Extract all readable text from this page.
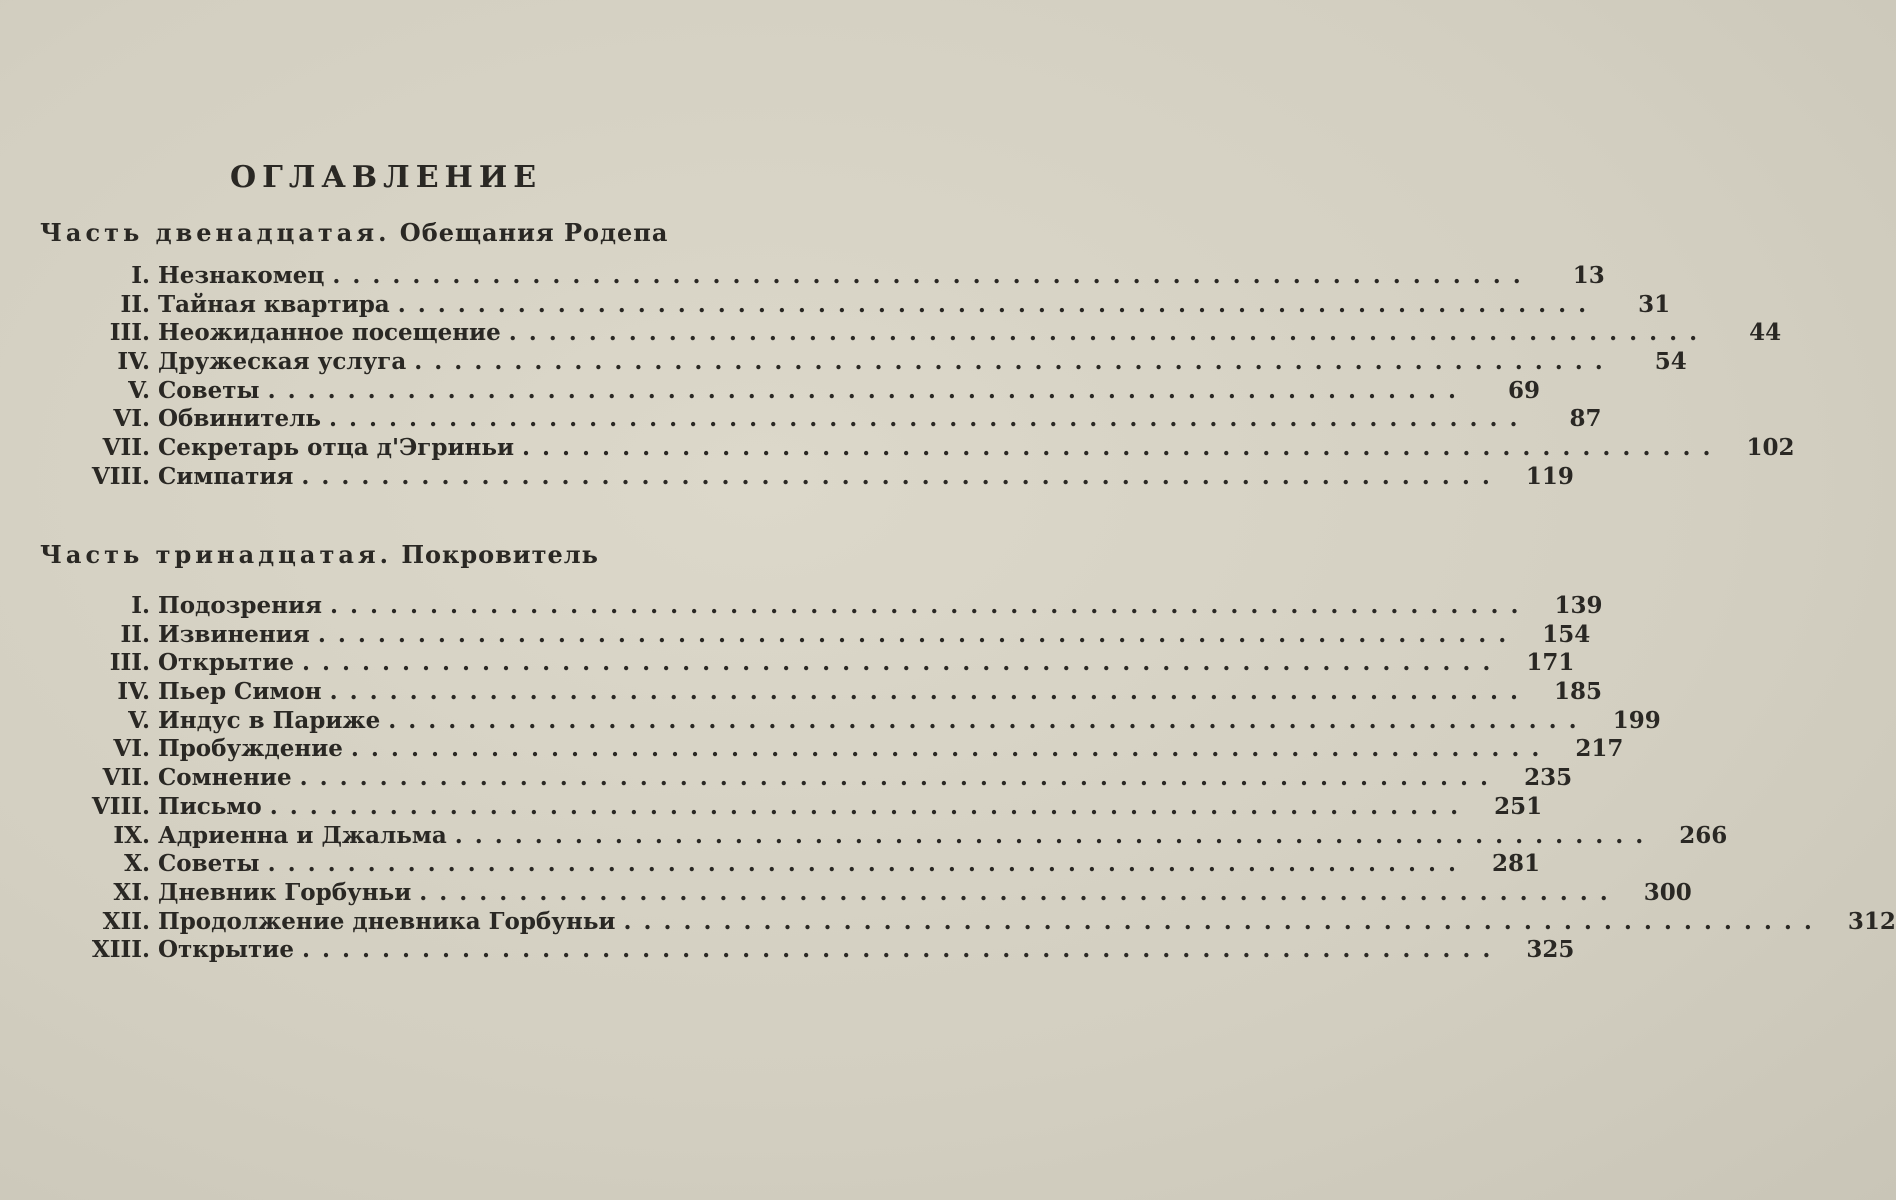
ОГЛАВЛЕНИЕ
Часть двенадцатая. Обещания Родепа
I. Незнакомец ............................................................	13
II. Тайная квартира ............................................................	31
III. Неожиданное посещение ............................................................	44
IV. Дружеская услуга ............................................................	54
V. Советы ............................................................	69
VI. Обвинитель ............................................................	87
VII. Секретарь отца д'Эгриньи ............................................................	102
VIII. Симпатия ............................................................	119
Часть тринадцатая. Покровитель
I. Подозрения ............................................................	139
II. Извинения ............................................................	154
III. Открытие ............................................................	171
IV. Пьер Симон ............................................................	185
V. Индус в Париже ............................................................	199
VI. Пробуждение ............................................................	217
VII. Сомнение ............................................................	235
VIII. Письмо ............................................................	251
IX. Адриенна и Джальма ............................................................	266
X. Советы ............................................................	281
XI. Дневник Горбуньи ............................................................	300
XII. Продолжение дневника Горбуньи ............................................................	312
XIII. Открытие ............................................................	325
